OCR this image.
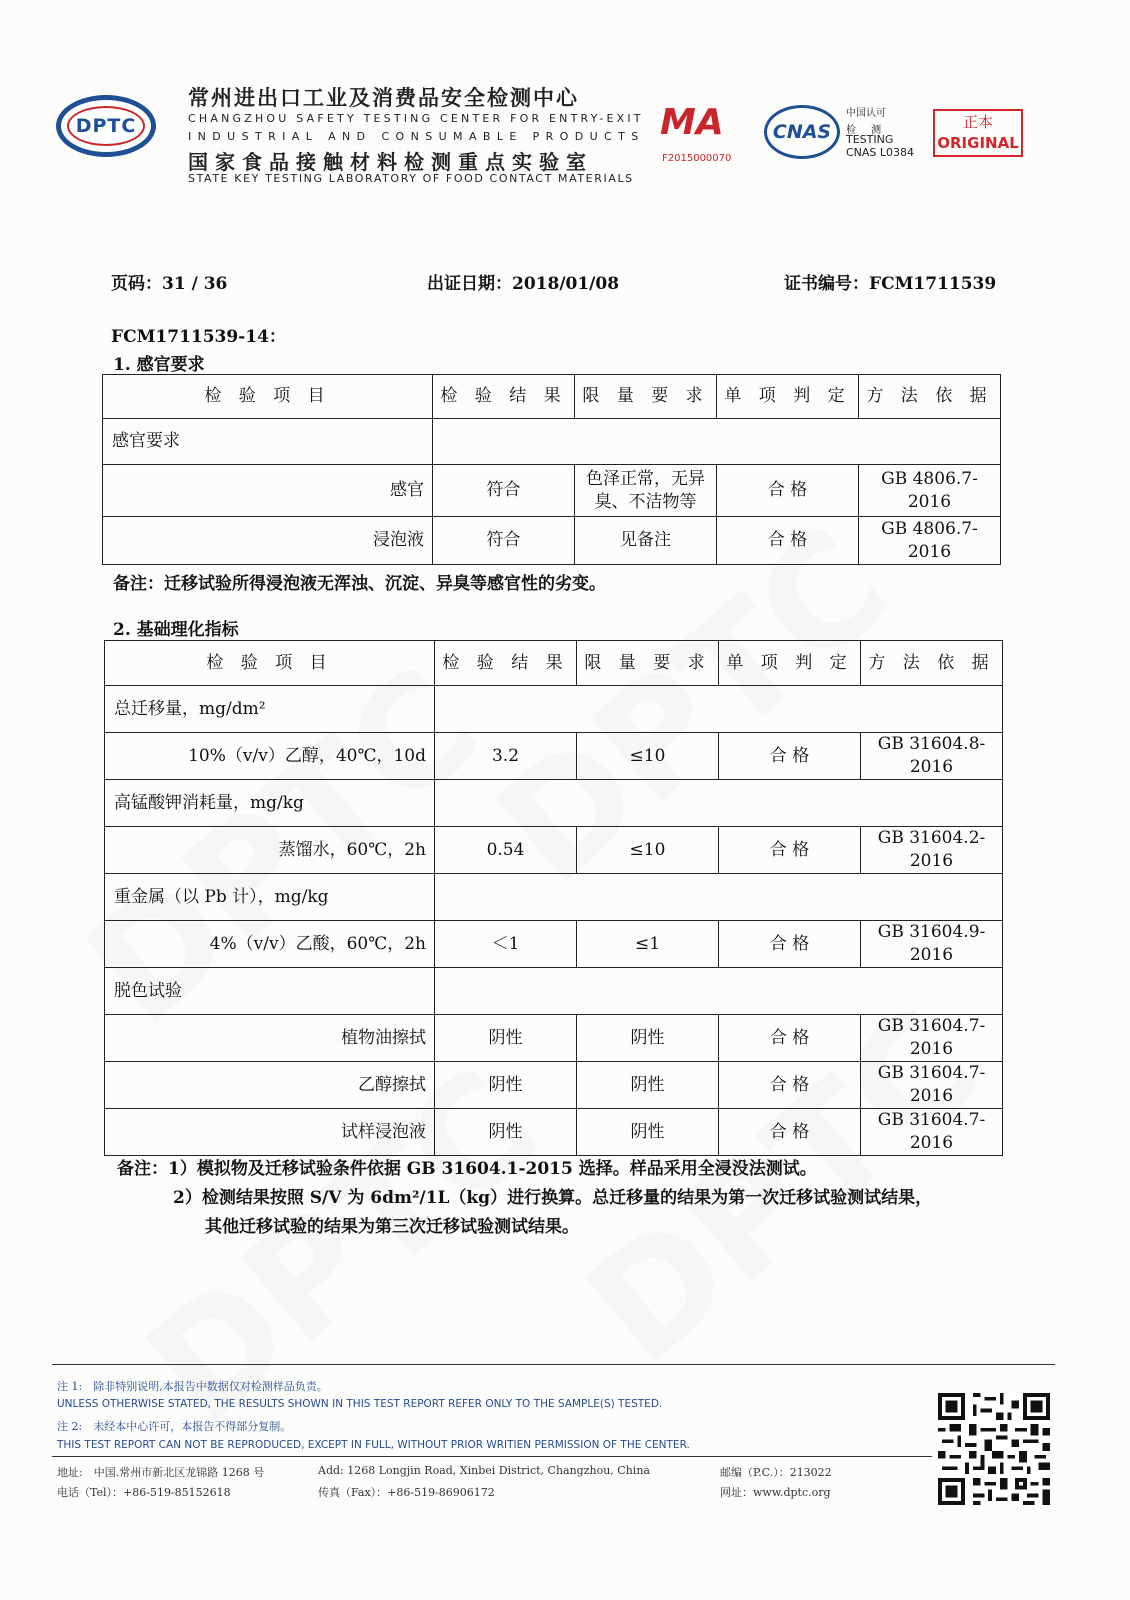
DPTC
常州进出口工业及消费品安全检测中心
CHANGZHOU SAFETY TESTING CENTER FOR ENTRY-EXIT
INDUSTRIAL AND CONSUMABLE PRODUCTS
国家食品接触材料检测重点实验室
STATE KEY TESTING LABORATORY OF FOOD CONTACT MATERIALS
MA
F2015000070
CNAS
中国认可
检 测
TESTING
CNAS L0384
正本
ORIGINAL
页码：31 / 36	出证日期：2018/01/08	证书编号：FCM1711539
FCM1711539-14：
1. 感官要求
检 验 项 目	检 验 结 果	限 量 要 求	单 项 判 定	方 法 依 据
感官要求				
感官	符合	色泽正常，无异臭、不洁物等	合 格	GB 4806.7-2016
浸泡液	符合	见备注	合 格	GB 4806.7-2016
备注：迁移试验所得浸泡液无浑浊、沉淀、异臭等感官性的劣变。
2. 基础理化指标
检 验 项 目	检 验 结 果	限 量 要 求	单 项 判 定	方 法 依 据
总迁移量，mg/dm²				
10%（v/v）乙醇，40℃，10d	3.2	≤10	合 格	GB 31604.8-2016
高锰酸钾消耗量，mg/kg				
蒸馏水，60℃，2h	0.54	≤10	合 格	GB 31604.2-2016
重金属（以 Pb 计），mg/kg				
4%（v/v）乙酸，60℃，2h	＜1	≤1	合 格	GB 31604.9-2016
脱色试验				
植物油擦拭	阴性	阴性	合 格	GB 31604.7-2016
乙醇擦拭	阴性	阴性	合 格	GB 31604.7-2016
试样浸泡液	阴性	阴性	合 格	GB 31604.7-2016
备注：1）模拟物及迁移试验条件依据 GB 31604.1-2015 选择。样品采用全浸没法测试。
2）检测结果按照 S/V 为 6dm²/1L（kg）进行换算。总迁移量的结果为第一次迁移试验测试结果，
其他迁移试验的结果为第三次迁移试验测试结果。
注 1:　除非特别说明,本报告中数据仅对检测样品负责。
UNLESS OTHERWISE STATED, THE RESULTS SHOWN IN THIS TEST REPORT REFER ONLY TO THE SAMPLE(S) TESTED.
注 2:　未经本中心许可，本报告不得部分复制。
THIS TEST REPORT CAN NOT BE REPRODUCED, EXCEPT IN FULL, WITHOUT PRIOR WRITIEN PERMISSION OF THE CENTER.
地址:　中国.常州市新北区龙锦路 1268 号	Add: 1268 Longjin Road, Xinbei District, Changzhou, China	邮编（P.C.）：213022
电话（Tel）：+86-519-85152618	传真（Fax）：+86-519-86906172	网址：www.dptc.org
